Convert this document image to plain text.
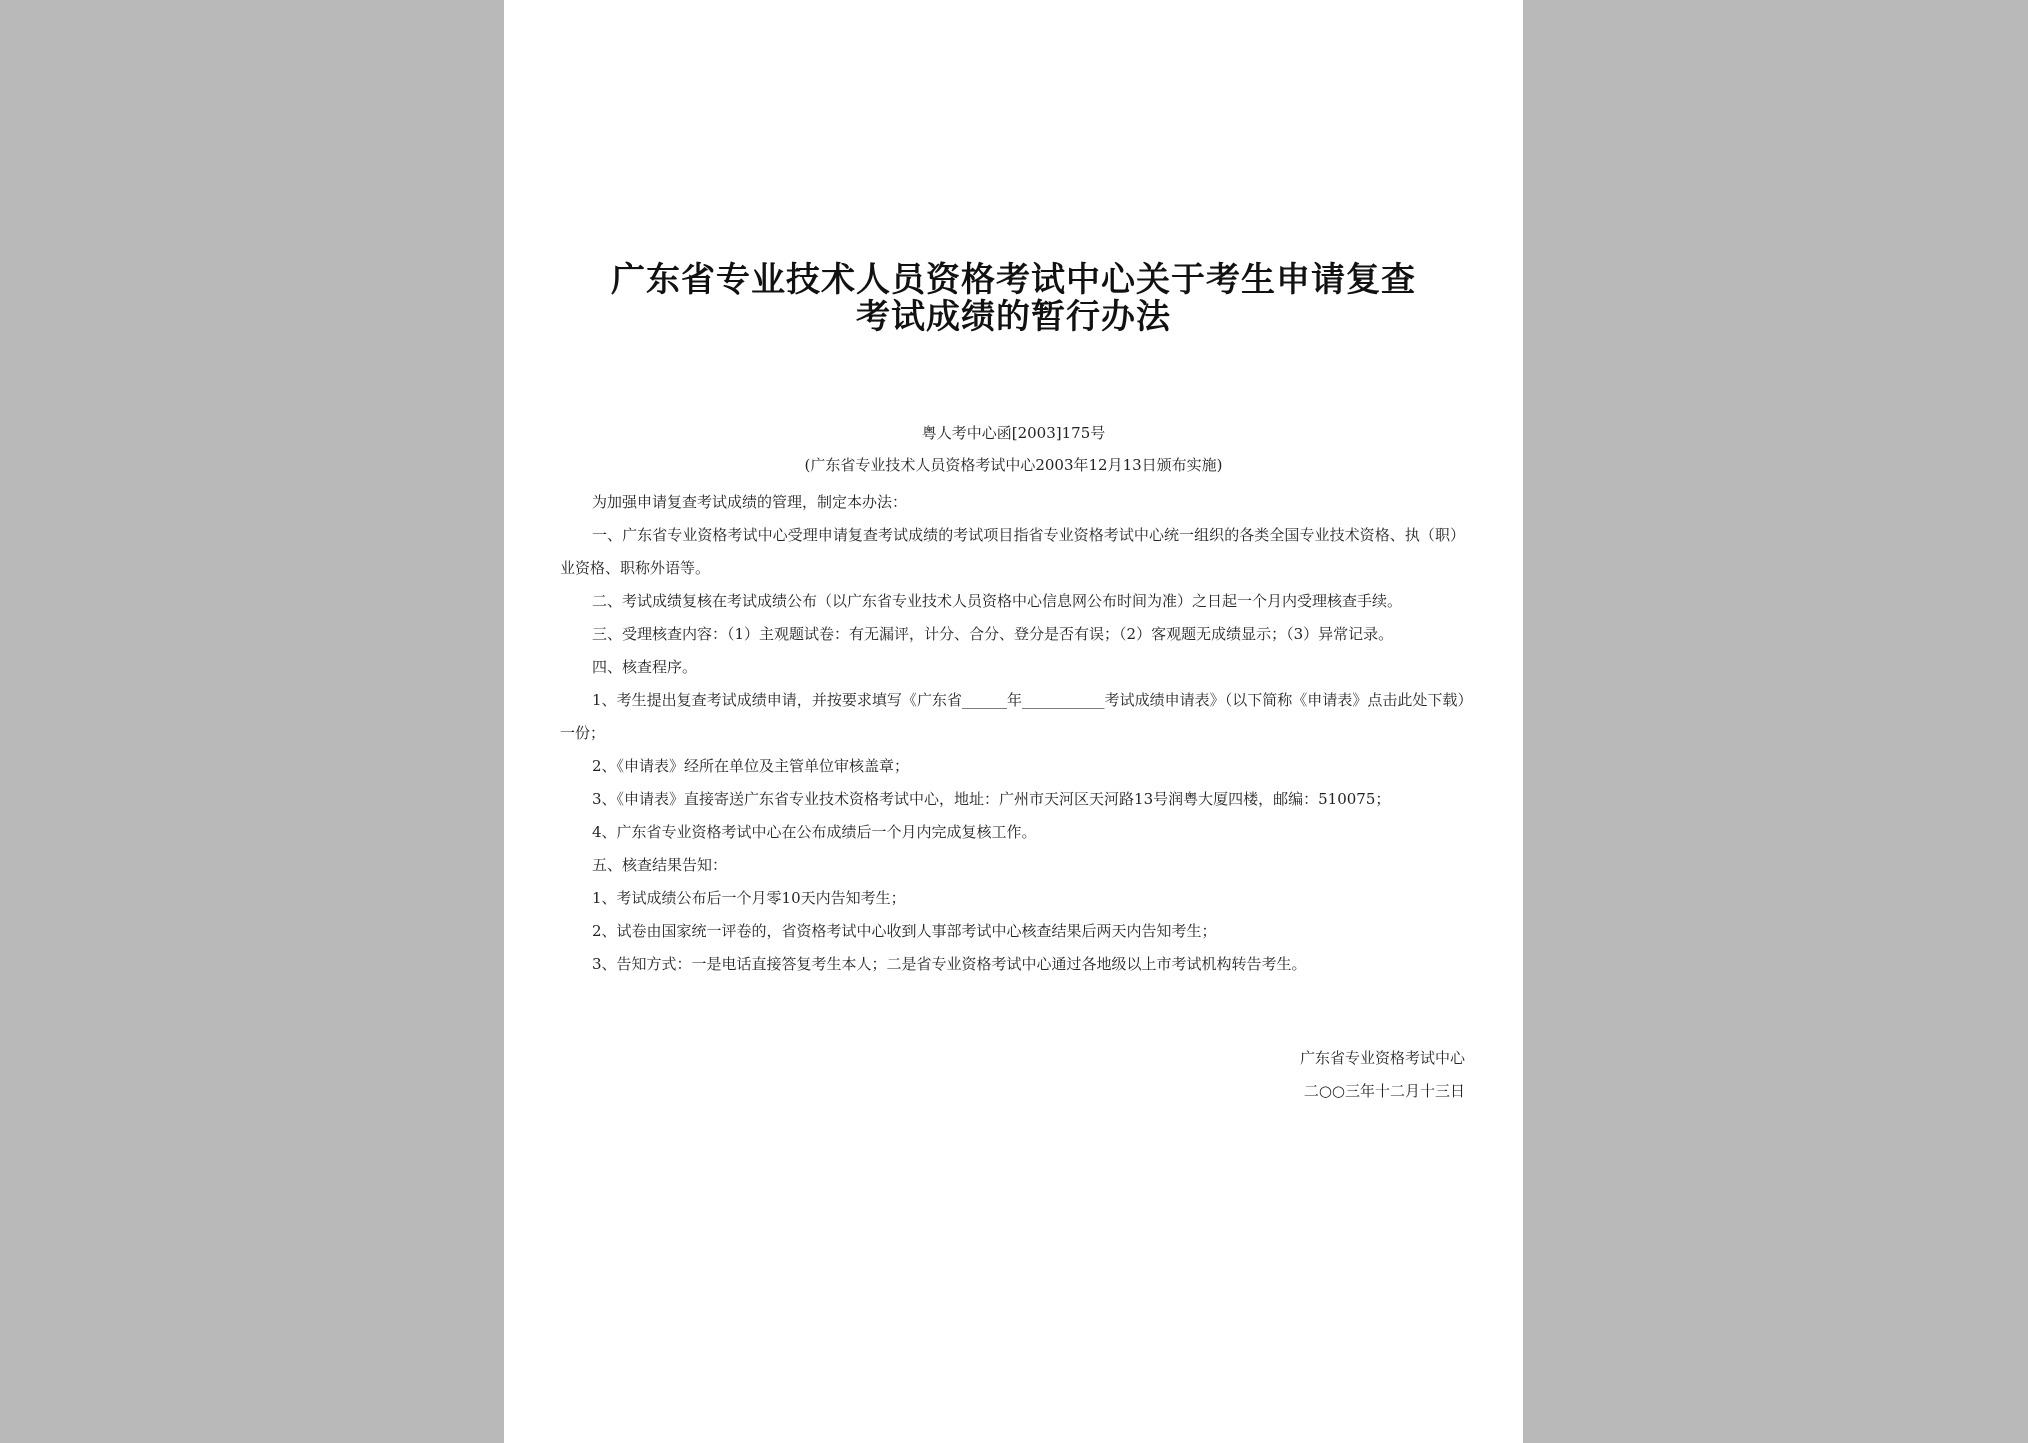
广东省专业技术人员资格考试中心关于考生申请复查
考试成绩的暂行办法
粤人考中心函[2003]175号
(广东省专业技术人员资格考试中心2003年12月13日颁布实施)
为加强申请复查考试成绩的管理，制定本办法：
一、广东省专业资格考试中心受理申请复查考试成绩的考试项目指省专业资格考试中心统一组织的各类全国专业技术资格、执（职）业资格、职称外语等。
二、考试成绩复核在考试成绩公布（以广东省专业技术人员资格中心信息网公布时间为准）之日起一个月内受理核查手续。
三、受理核查内容：（1）主观题试卷：有无漏评，计分、合分、登分是否有误；（2）客观题无成绩显示；（3）异常记录。
四、核查程序。
1、考生提出复查考试成绩申请，并按要求填写《广东省______年___________考试成绩申请表》（以下简称《申请表》点击此处下载）一份；
2、《申请表》经所在单位及主管单位审核盖章；
3、《申请表》直接寄送广东省专业技术资格考试中心，地址：广州市天河区天河路13号润粤大厦四楼，邮编：510075；
4、广东省专业资格考试中心在公布成绩后一个月内完成复核工作。
五、核查结果告知：
1、考试成绩公布后一个月零10天内告知考生；
2、试卷由国家统一评卷的，省资格考试中心收到人事部考试中心核查结果后两天内告知考生；
3、告知方式：一是电话直接答复考生本人；二是省专业资格考试中心通过各地级以上市考试机构转告考生。
广东省专业资格考试中心
二○○三年十二月十三日
